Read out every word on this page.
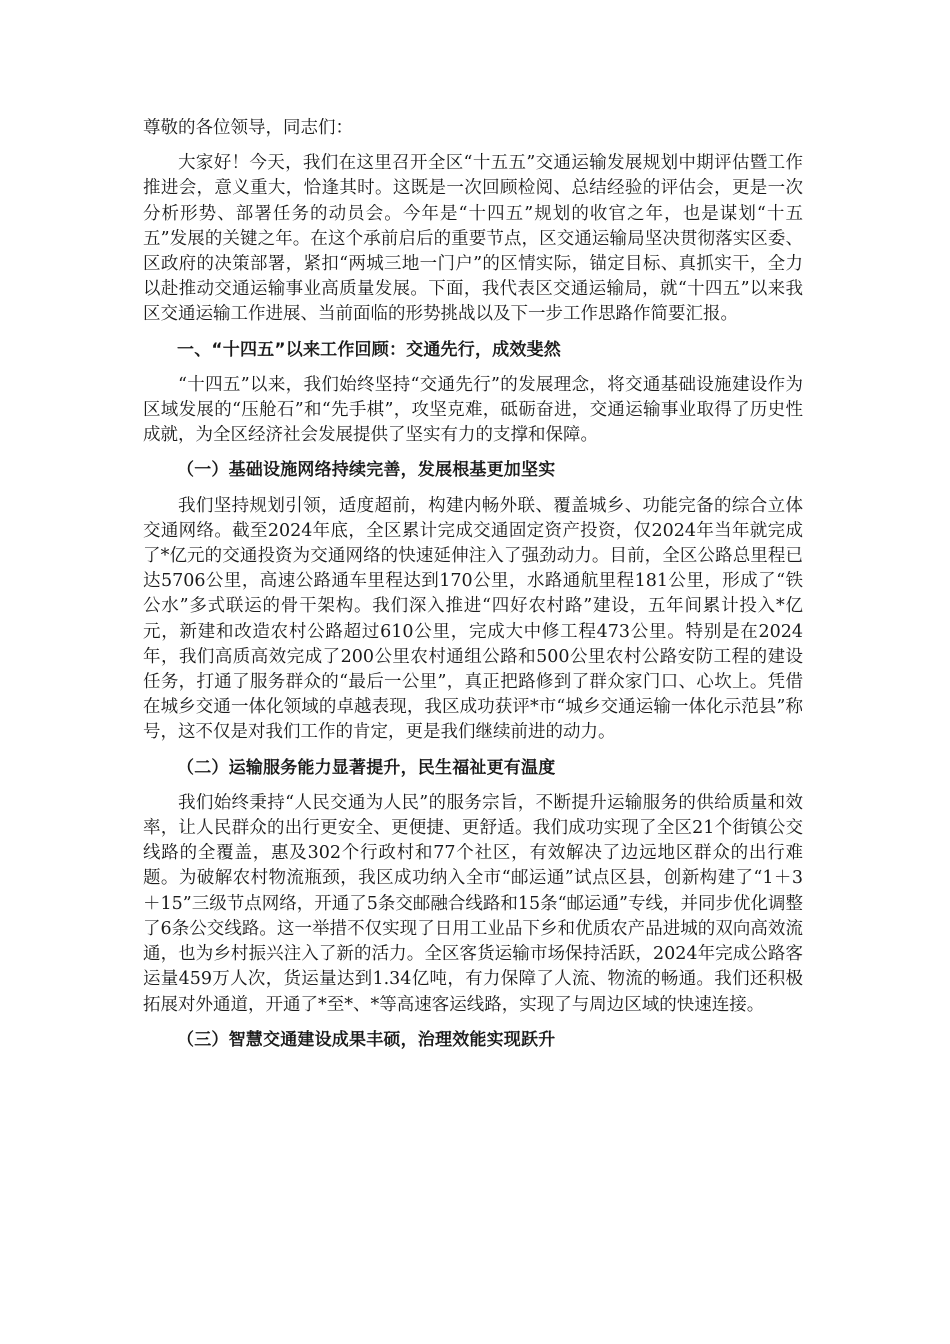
尊敬的各位领导，同志们：

大家好！今天，我们在这里召开全区“十五五”交通运输发展规划中期评估暨工作推进会，意义重大，恰逢其时。这既是一次回顾检阅、总结经验的评估会，更是一次分析形势、部署任务的动员会。今年是“十四五”规划的收官之年，也是谋划“十五五”发展的关键之年。在这个承前启后的重要节点，区交通运输局坚决贯彻落实区委、区政府的决策部署，紧扣“两城三地一门户”的区情实际，锚定目标、真抓实干，全力以赴推动交通运输事业高质量发展。下面，我代表区交通运输局，就“十四五”以来我区交通运输工作进展、当前面临的形势挑战以及下一步工作思路作简要汇报。

一、“十四五”以来工作回顾：交通先行，成效斐然

“十四五”以来，我们始终坚持“交通先行”的发展理念，将交通基础设施建设作为区域发展的“压舱石”和“先手棋”，攻坚克难，砥砺奋进，交通运输事业取得了历史性成就，为全区经济社会发展提供了坚实有力的支撑和保障。

（一）基础设施网络持续完善，发展根基更加坚实

我们坚持规划引领，适度超前，构建内畅外联、覆盖城乡、功能完备的综合立体交通网络。截至2024年底，全区累计完成交通固定资产投资，仅2024年当年就完成了*亿元的交通投资为交通网络的快速延伸注入了强劲动力。目前，全区公路总里程已达5706公里，高速公路通车里程达到170公里，水路通航里程181公里，形成了“铁公水”多式联运的骨干架构。我们深入推进“四好农村路”建设，五年间累计投入*亿元，新建和改造农村公路超过610公里，完成大中修工程473公里。特别是在2024年，我们高质高效完成了200公里农村通组公路和500公里农村公路安防工程的建设任务，打通了服务群众的“最后一公里”，真正把路修到了群众家门口、心坎上。凭借在城乡交通一体化领域的卓越表现，我区成功获评*市“城乡交通运输一体化示范县”称号，这不仅是对我们工作的肯定，更是我们继续前进的动力。

（二）运输服务能力显著提升，民生福祉更有温度

我们始终秉持“人民交通为人民”的服务宗旨，不断提升运输服务的供给质量和效率，让人民群众的出行更安全、更便捷、更舒适。我们成功实现了全区21个街镇公交线路的全覆盖，惠及302个行政村和77个社区，有效解决了边远地区群众的出行难题。为破解农村物流瓶颈，我区成功纳入全市“邮运通”试点区县，创新构建了“1＋3＋15”三级节点网络，开通了5条交邮融合线路和15条“邮运通”专线，并同步优化调整了6条公交线路。这一举措不仅实现了日用工业品下乡和优质农产品进城的双向高效流通，也为乡村振兴注入了新的活力。全区客货运输市场保持活跃，2024年完成公路客运量459万人次，货运量达到1.34亿吨，有力保障了人流、物流的畅通。我们还积极拓展对外通道，开通了*至*、*等高速客运线路，实现了与周边区域的快速连接。

（三）智慧交通建设成果丰硕，治理效能实现跃升
